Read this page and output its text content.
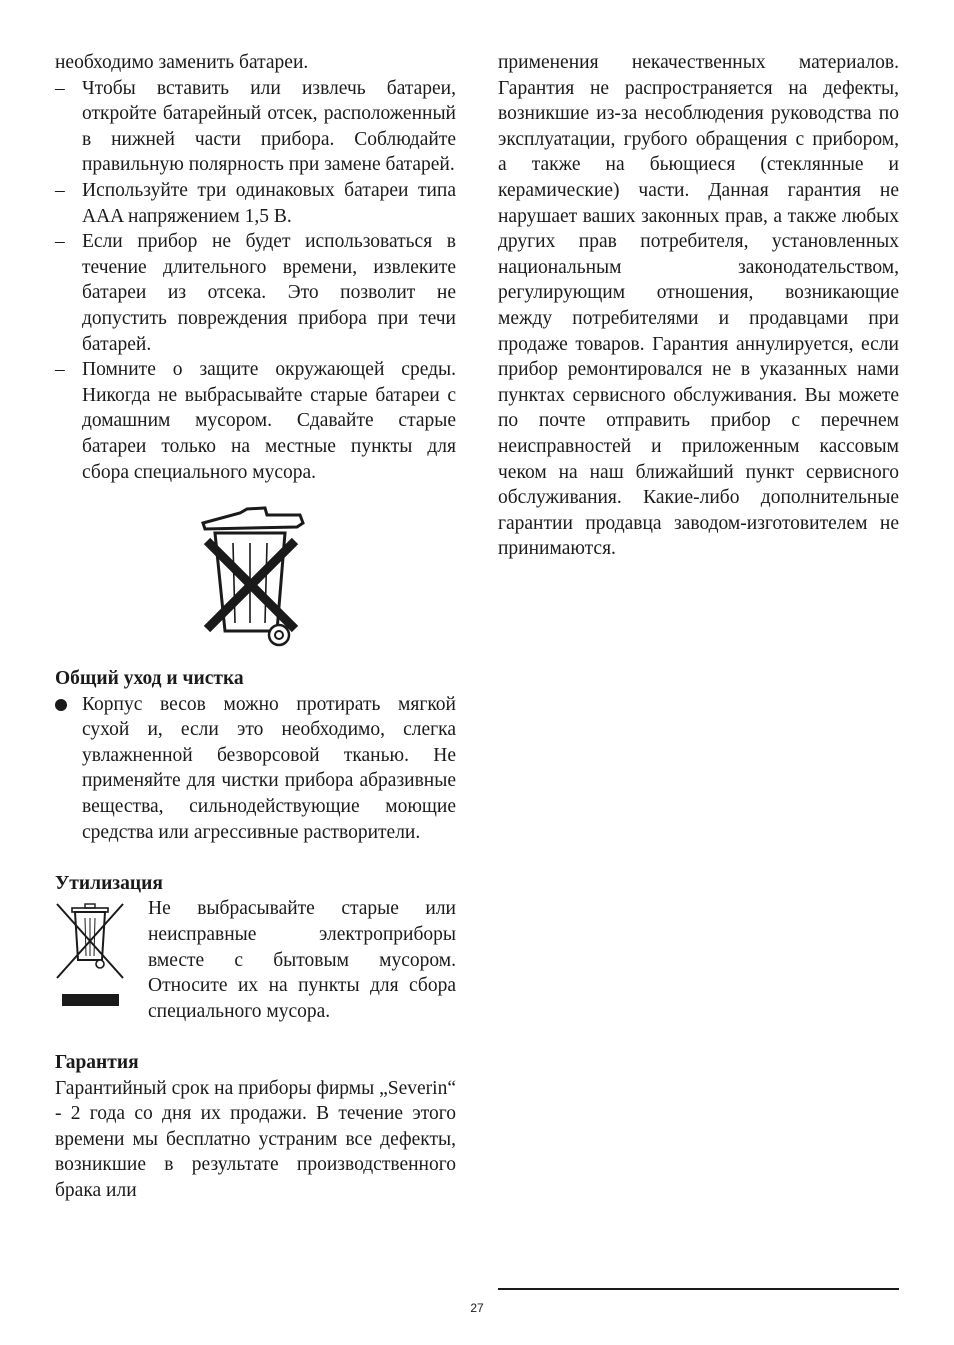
необходимо заменить батареи.

– Чтобы вставить или извлечь батареи, откройте батарейный отсек, расположенный в нижней части прибора. Соблюдайте правильную полярность при замене батарей.
– Используйте три одинаковых батареи типа AAA напряжением 1,5 В.
– Если прибор не будет использоваться в течение длительного времени, извлеките батареи из отсека. Это позволит не допустить повреждения прибора при течи батарей.
– Помните о защите окружающей среды. Никогда не выбрасывайте старые батареи с домашним мусором. Сдавайте старые батареи только на местные пункты для сбора специального мусора.
Общий уход и чистка
Корпус весов можно протирать мягкой сухой и, если это необходимо, слегка увлажненной безворсовой тканью. Не применяйте для чистки прибора абразивные вещества, сильнодействующие моющие средства или агрессивные растворители.
Утилизация

Не выбрасывайте старые или неисправные электроприборы вместе с бытовым мусором. Относите их на пункты для сбора специального мусора.

Гарантия

Гарантийный срок на приборы фирмы „Severin“ - 2 года со дня их продажи. В течение этого времени мы бесплатно устраним все дефекты, возникшие в результате производственного брака или

применения некачественных материалов. Гарантия не распространяется на дефекты, возникшие из-за несоблюдения руководства по эксплуатации, грубого обращения с прибором, а также на бьющиеся (стеклянные и керамические) части. Данная гарантия не нарушает ваших законных прав, а также любых других прав потребителя, установленных национальным законодательством, регулирующим отношения, возникающие между потребителями и продавцами при продаже товаров. Гарантия аннулируется, если прибор ремонтировался не в указанных нами пунктах сервисного обслуживания. Вы можете по почте отправить прибор с перечнем неисправностей и приложенным кассовым чеком на наш ближайший пункт сервисного обслуживания. Какие-либо дополнительные гарантии продавца заводом-изготовителем не принимаются.

27
